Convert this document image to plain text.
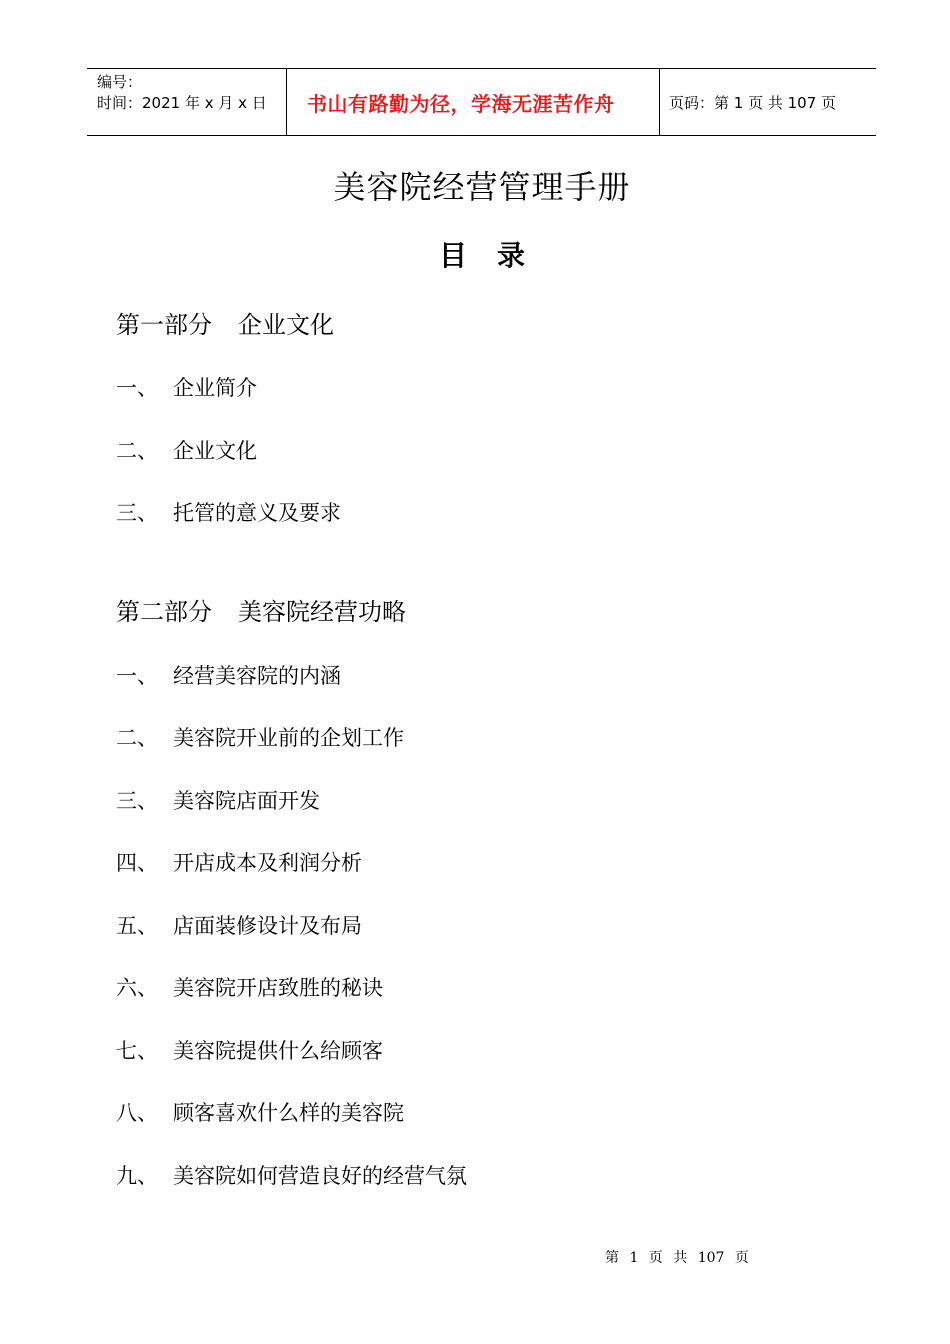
编号：
时间：2021 年 x 月 x 日	书山有路勤为径，学海无涯苦作舟	页码：第 1 页 共 107 页
美容院经营管理手册
目 录
第一部分 企业文化
一、 企业简介
二、 企业文化
三、 托管的意义及要求
第二部分 美容院经营功略
一、 经营美容院的内涵
二、 美容院开业前的企划工作
三、 美容院店面开发
四、 开店成本及利润分析
五、 店面装修设计及布局
六、 美容院开店致胜的秘诀
七、 美容院提供什么给顾客
八、 顾客喜欢什么样的美容院
九、 美容院如何营造良好的经营气氛
第 1 页 共 107 页
